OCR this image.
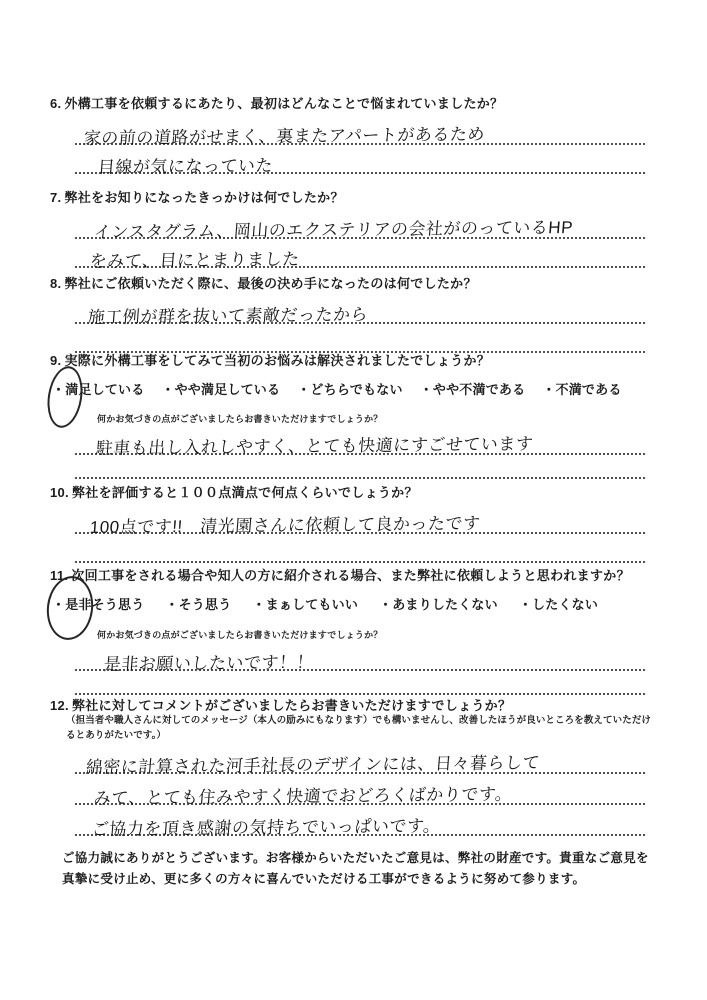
6. 外構工事を依頼するにあたり、最初はどんなことで悩まれていましたか？
家の前の道路がせまく、裏またアパートがあるため
目線が気になっていた
7. 弊社をお知りになったきっかけは何でしたか？
インスタグラム、岡山のエクステリアの会社がのっているHP
をみて、目にとまりました
8. 弊社にご依頼いただく際に、最後の決め手になったのは何でしたか？
施工例が群を抜いて素敵だったから
9. 実際に外構工事をしてみて当初のお悩みは解決されましたでしょうか？
・満足している ・やや満足している ・どちらでもない ・やや不満である ・不満である
何かお気づきの点がございましたらお書きいただけますでしょうか？
駐車も出し入れしやすく、とても快適にすごせています
10. 弊社を評価すると１００点満点で何点くらいでしょうか？
100点です!!　清光園さんに依頼して良かったです
11. 次回工事をされる場合や知人の方に紹介される場合、また弊社に依頼しようと思われますか？
・是非そう思う ・そう思う ・まぁしてもいい ・あまりしたくない ・したくない
何かお気づきの点がございましたらお書きいただけますでしょうか？
是非お願いしたいです！！
12. 弊社に対してコメントがございましたらお書きいただけますでしょうか？
（担当者や職人さんに対してのメッセージ（本人の励みにもなります）でも構いませんし、改善したほうが良いところを教えていただけるとありがたいです。）
綿密に計算された河手社長のデザインには、日々暮らして
みて、とても住みやすく快適でおどろくばかりです。
ご協力を頂き感謝の気持ちでいっぱいです。
ご協力誠にありがとうございます。お客様からいただいたご意見は、弊社の財産です。貴重なご意見を真摯に受け止め、更に多くの方々に喜んでいただける工事ができるように努めて参ります。
